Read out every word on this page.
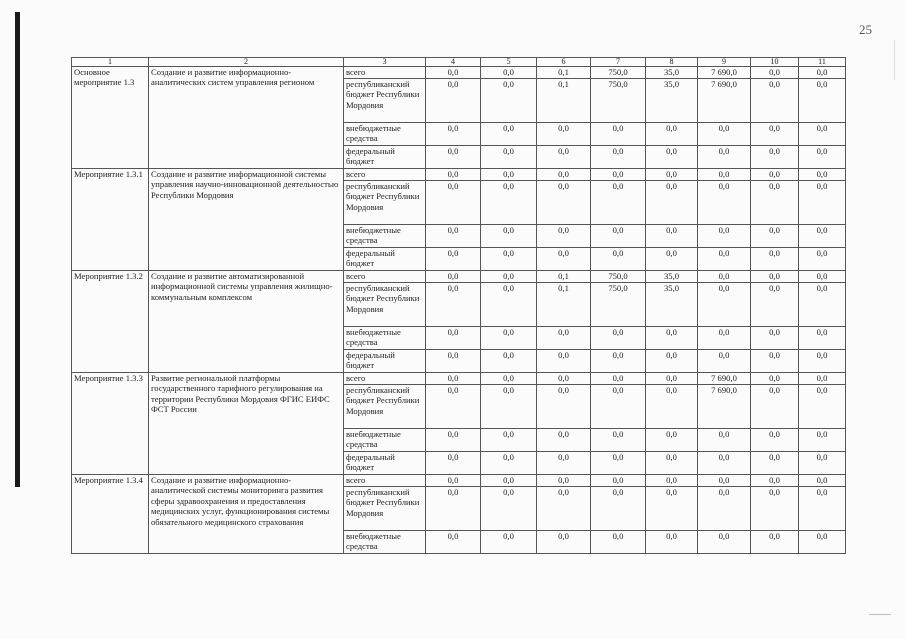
25
1	2	3	4	5	6	7	8	9	10	11
Основное мероприятие 1.3	Создание и развитие информационно-аналитических систем управления регионом	всего	0,0	0,0	0,1	750,0	35,0	7 690,0	0,0	0,0
		республиканский бюджет Республики Мордовия	0,0	0,0	0,1	750,0	35,0	7 690,0	0,0	0,0
		внебюджетные средства	0,0	0,0	0,0	0,0	0,0	0,0	0,0	0,0
		федеральный бюджет	0,0	0,0	0,0	0,0	0,0	0,0	0,0	0,0
Мероприятие 1.3.1	Создание и развитие информационной системы управления научно-инновационной деятельностью Республики Мордовия	всего	0,0	0,0	0,0	0,0	0,0	0,0	0,0	0,0
		республиканский бюджет Республики Мордовия	0,0	0,0	0,0	0,0	0,0	0,0	0,0	0,0
		внебюджетные средства	0,0	0,0	0,0	0,0	0,0	0,0	0,0	0,0
		федеральный бюджет	0,0	0,0	0,0	0,0	0,0	0,0	0,0	0,0
Мероприятие 1.3.2	Создание и развитие автоматизированной информационной системы управления жилищно-коммунальным комплексом	всего	0,0	0,0	0,1	750,0	35,0	0,0	0,0	0,0
		республиканский бюджет Республики Мордовия	0,0	0,0	0,1	750,0	35,0	0,0	0,0	0,0
		внебюджетные средства	0,0	0,0	0,0	0,0	0,0	0,0	0,0	0,0
		федеральный бюджет	0,0	0,0	0,0	0,0	0,0	0,0	0,0	0,0
Мероприятие 1.3.3	Развитие региональной платформы государственного тарифного регулирования на территории Республики Мордовия ФГИС ЕИФС ФСТ России	всего	0,0	0,0	0,0	0,0	0,0	7 690,0	0,0	0,0
		республиканский бюджет Республики Мордовия	0,0	0,0	0,0	0,0	0,0	7 690,0	0,0	0,0
		внебюджетные средства	0,0	0,0	0,0	0,0	0,0	0,0	0,0	0,0
		федеральный бюджет	0,0	0,0	0,0	0,0	0,0	0,0	0,0	0,0
Мероприятие 1.3.4	Создание и развитие информационно-аналитической системы мониторинга развития сферы здравоохранения и предоставления медицинских услуг, функционирования системы обязательного медицинского страхования	всего	0,0	0,0	0,0	0,0	0,0	0,0	0,0	0,0
		республиканский бюджет Республики Мордовия	0,0	0,0	0,0	0,0	0,0	0,0	0,0	0,0
		внебюджетные средства	0,0	0,0	0,0	0,0	0,0	0,0	0,0	0,0
